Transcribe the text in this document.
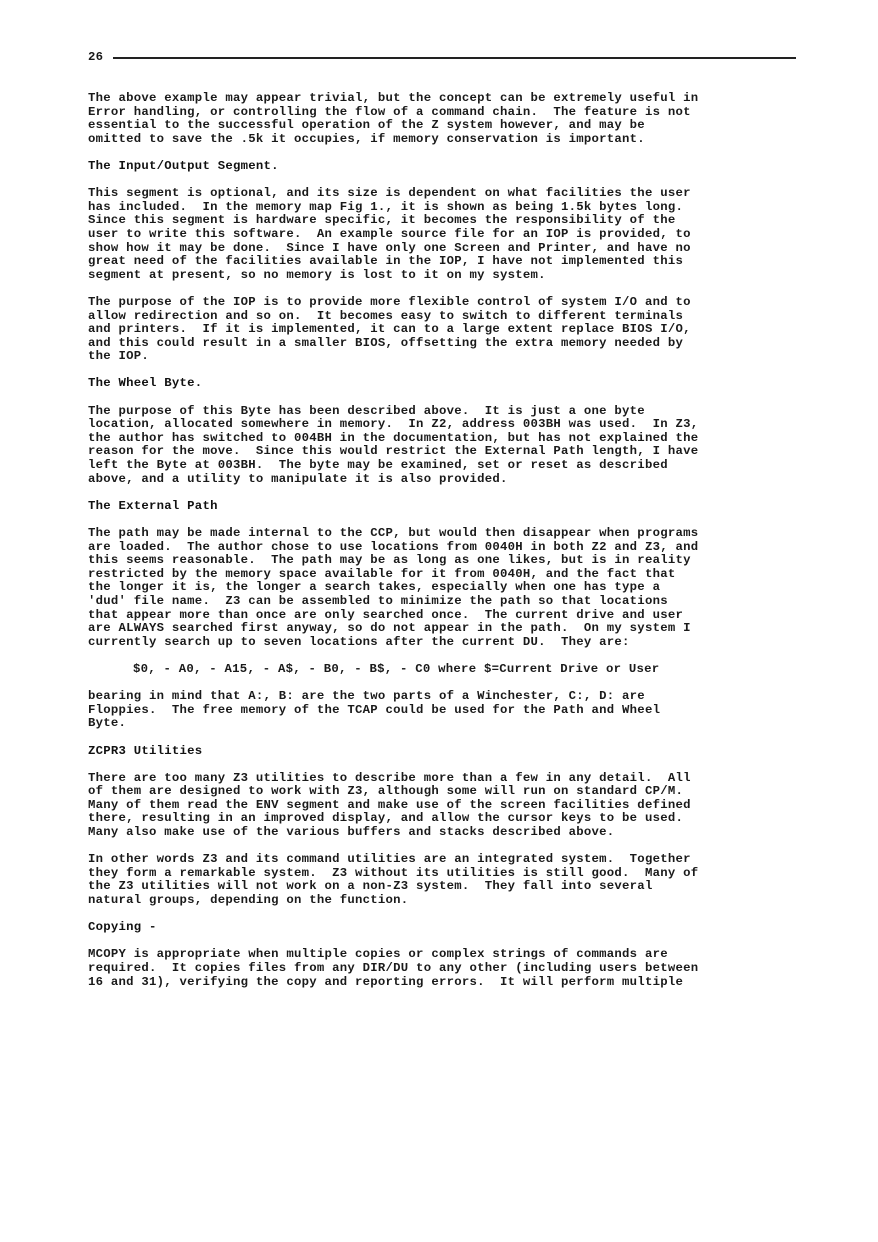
26
The above example may appear trivial, but the concept can be extremely useful in
Error handling, or controlling the flow of a command chain.  The feature is not
essential to the successful operation of the Z system however, and may be
omitted to save the .5k it occupies, if memory conservation is important.
The Input/Output Segment.
This segment is optional, and its size is dependent on what facilities the user
has included.  In the memory map Fig 1., it is shown as being 1.5k bytes long.
Since this segment is hardware specific, it becomes the responsibility of the
user to write this software.  An example source file for an IOP is provided, to
show how it may be done.  Since I have only one Screen and Printer, and have no
great need of the facilities available in the IOP, I have not implemented this
segment at present, so no memory is lost to it on my system.
The purpose of the IOP is to provide more flexible control of system I/O and to
allow redirection and so on.  It becomes easy to switch to different terminals
and printers.  If it is implemented, it can to a large extent replace BIOS I/O,
and this could result in a smaller BIOS, offsetting the extra memory needed by
the IOP.
The Wheel Byte.
The purpose of this Byte has been described above.  It is just a one byte
location, allocated somewhere in memory.  In Z2, address 003BH was used.  In Z3,
the author has switched to 004BH in the documentation, but has not explained the
reason for the move.  Since this would restrict the External Path length, I have
left the Byte at 003BH.  The byte may be examined, set or reset as described
above, and a utility to manipulate it is also provided.
The External Path
The path may be made internal to the CCP, but would then disappear when programs
are loaded.  The author chose to use locations from 0040H in both Z2 and Z3, and
this seems reasonable.  The path may be as long as one likes, but is in reality
restricted by the memory space available for it from 0040H, and the fact that
the longer it is, the longer a search takes, especially when one has type a
'dud' file name.  Z3 can be assembled to minimize the path so that locations
that appear more than once are only searched once.  The current drive and user
are ALWAYS searched first anyway, so do not appear in the path.  On my system I
currently search up to seven locations after the current DU.  They are:
$0, - A0, - A15, - A$, - B0, - B$, - C0 where $=Current Drive or User
bearing in mind that A:, B: are the two parts of a Winchester, C:, D: are
Floppies.  The free memory of the TCAP could be used for the Path and Wheel
Byte.
ZCPR3 Utilities
There are too many Z3 utilities to describe more than a few in any detail.  All
of them are designed to work with Z3, although some will run on standard CP/M.
Many of them read the ENV segment and make use of the screen facilities defined
there, resulting in an improved display, and allow the cursor keys to be used.
Many also make use of the various buffers and stacks described above.
In other words Z3 and its command utilities are an integrated system.  Together
they form a remarkable system.  Z3 without its utilities is still good.  Many of
the Z3 utilities will not work on a non-Z3 system.  They fall into several
natural groups, depending on the function.
Copying -
MCOPY is appropriate when multiple copies or complex strings of commands are
required.  It copies files from any DIR/DU to any other (including users between
16 and 31), verifying the copy and reporting errors.  It will perform multiple
